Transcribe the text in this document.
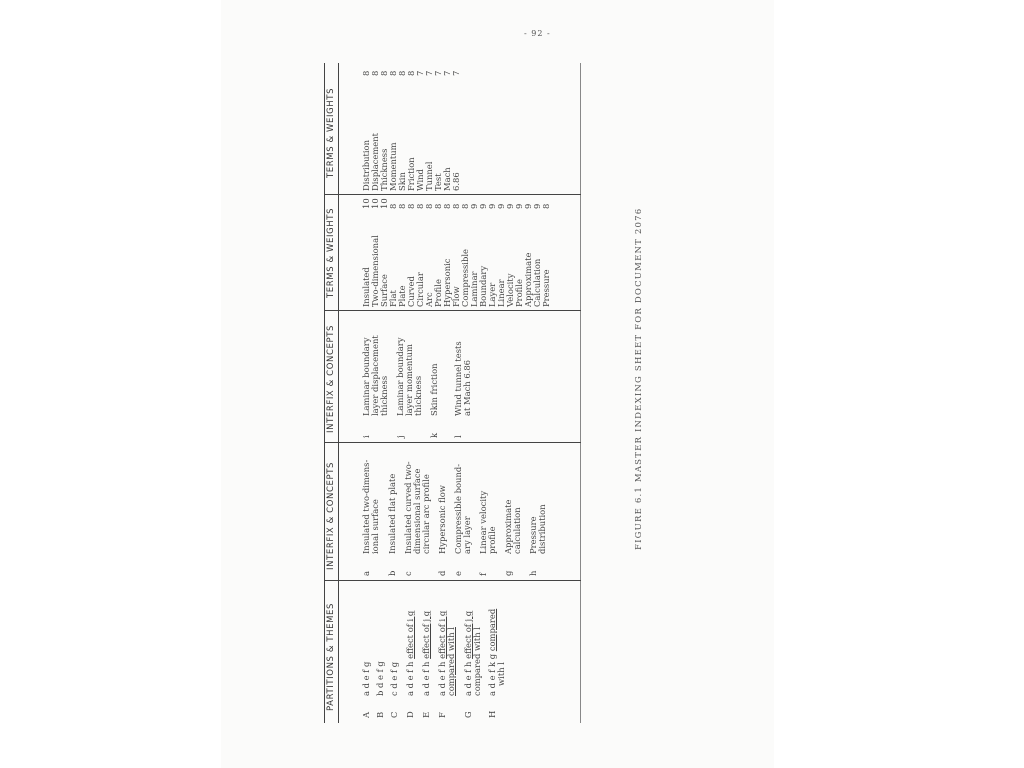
- 92 -
PARTITIONS & THEMES
INTERFIX & CONCEPTS
INTERFIX & CONCEPTS
TERMS & WEIGHTS
TERMS & WEIGHTS
Aa d e f g
Bb d e f g
Cc d e f g
Da d e f h effect of i g
Ea d e f h effect of j g
Fa d e f h effect of i g compared with l
Ga d e f h effect of j g compared with l
Ha d e f k g compared
with l
aInsulated two-dimens- ional surface
bInsulated flat plate
cInsulated curved two- dimensional surface circular arc profile
dHypersonic flow
eCompressible bound- ary layer
fLinear velocity profile
gApproximate calculation
hPressure distribution
iLaminar boundary layer displacement thickness
jLaminar boundary layer momentum thickness
kSkin friction
lWind tunnel tests at Mach 6.86
Insulated
10
Two-dimensional
10
Surface
10
Flat
8
Plate
8
Curved
8
Circular
8
Arc
8
Profile
8
Hypersonic
8
Flow
8
Compressible
8
Laminar
9
Boundary
9
Layer
9
Linear
9
Velocity
9
Profile
9
Approximate
9
Calculation
9
Pressure
8
Distribution
8
Displacement
8
Thickness
8
Momentum
8
Skin
8
Friction
8
Wind
7
Tunnel
7
Test
7
Mach
7
6.86
7
FIGURE 6.1 MASTER INDEXING SHEET FOR DOCUMENT 2076
